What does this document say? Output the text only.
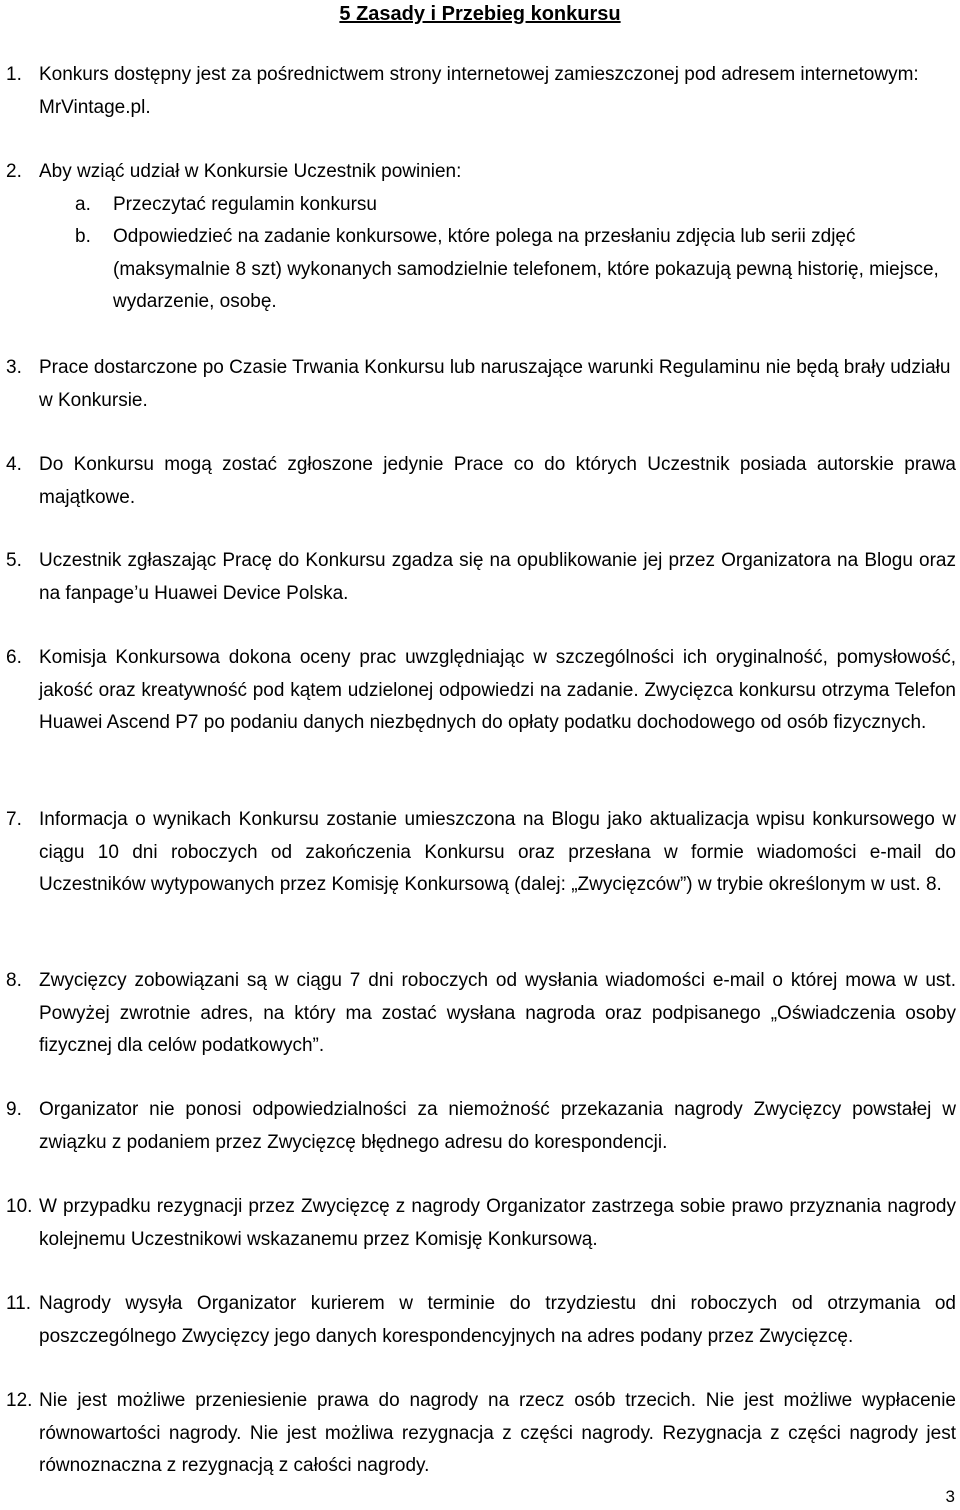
5 Zasady i Przebieg konkursu
1. Konkurs dostępny jest za pośrednictwem strony internetowej zamieszczonej pod adresem internetowym: MrVintage.pl.
2. Aby wziąć udział w Konkursie Uczestnik powinien:
a. Przeczytać regulamin konkursu
b. Odpowiedzieć na zadanie konkursowe, które polega na przesłaniu zdjęcia lub serii zdjęć (maksymalnie 8 szt) wykonanych samodzielnie telefonem, które pokazują pewną historię, miejsce, wydarzenie, osobę.
3. Prace dostarczone po Czasie Trwania Konkursu lub naruszające warunki Regulaminu nie będą brały udziału w Konkursie.
4. Do Konkursu mogą zostać zgłoszone jedynie Prace co do których Uczestnik posiada autorskie prawa majątkowe.
5. Uczestnik zgłaszając Pracę do Konkursu zgadza się na opublikowanie jej przez Organizatora na Blogu oraz na fanpage’u Huawei Device Polska.
6. Komisja Konkursowa dokona oceny prac uwzględniając w szczególności ich oryginalność, pomysłowość, jakość oraz kreatywność pod kątem udzielonej odpowiedzi na zadanie. Zwycięzca konkursu otrzyma Telefon Huawei Ascend P7 po podaniu danych niezbędnych do opłaty podatku dochodowego od osób fizycznych.
7. Informacja o wynikach Konkursu zostanie umieszczona na Blogu jako aktualizacja wpisu konkursowego w ciągu 10 dni roboczych od zakończenia Konkursu oraz przesłana w formie wiadomości e-mail do Uczestników wytypowanych przez Komisję Konkursową (dalej: „Zwycięzców”) w trybie określonym w ust. 8.
8. Zwycięzcy zobowiązani są w ciągu 7 dni roboczych od wysłania wiadomości e-mail o której mowa w ust. Powyżej zwrotnie adres, na który ma zostać wysłana nagroda oraz podpisanego „Oświadczenia osoby fizycznej dla celów podatkowych”.
9. Organizator nie ponosi odpowiedzialności za niemożność przekazania nagrody Zwycięzcy powstałej w związku z podaniem przez Zwycięzcę błędnego adresu do korespondencji.
10. W przypadku rezygnacji przez Zwycięzcę z nagrody Organizator zastrzega sobie prawo przyznania nagrody kolejnemu Uczestnikowi wskazanemu przez Komisję Konkursową.
11. Nagrody wysyła Organizator kurierem w terminie do trzydziestu dni roboczych od otrzymania od poszczególnego Zwycięzcy jego danych korespondencyjnych na adres podany przez Zwycięzcę.
12. Nie jest możliwe przeniesienie prawa do nagrody na rzecz osób trzecich. Nie jest możliwe wypłacenie równowartości nagrody. Nie jest możliwa rezygnacja z części nagrody. Rezygnacja z części nagrody jest równoznaczna z rezygnacją z całości nagrody.
3
